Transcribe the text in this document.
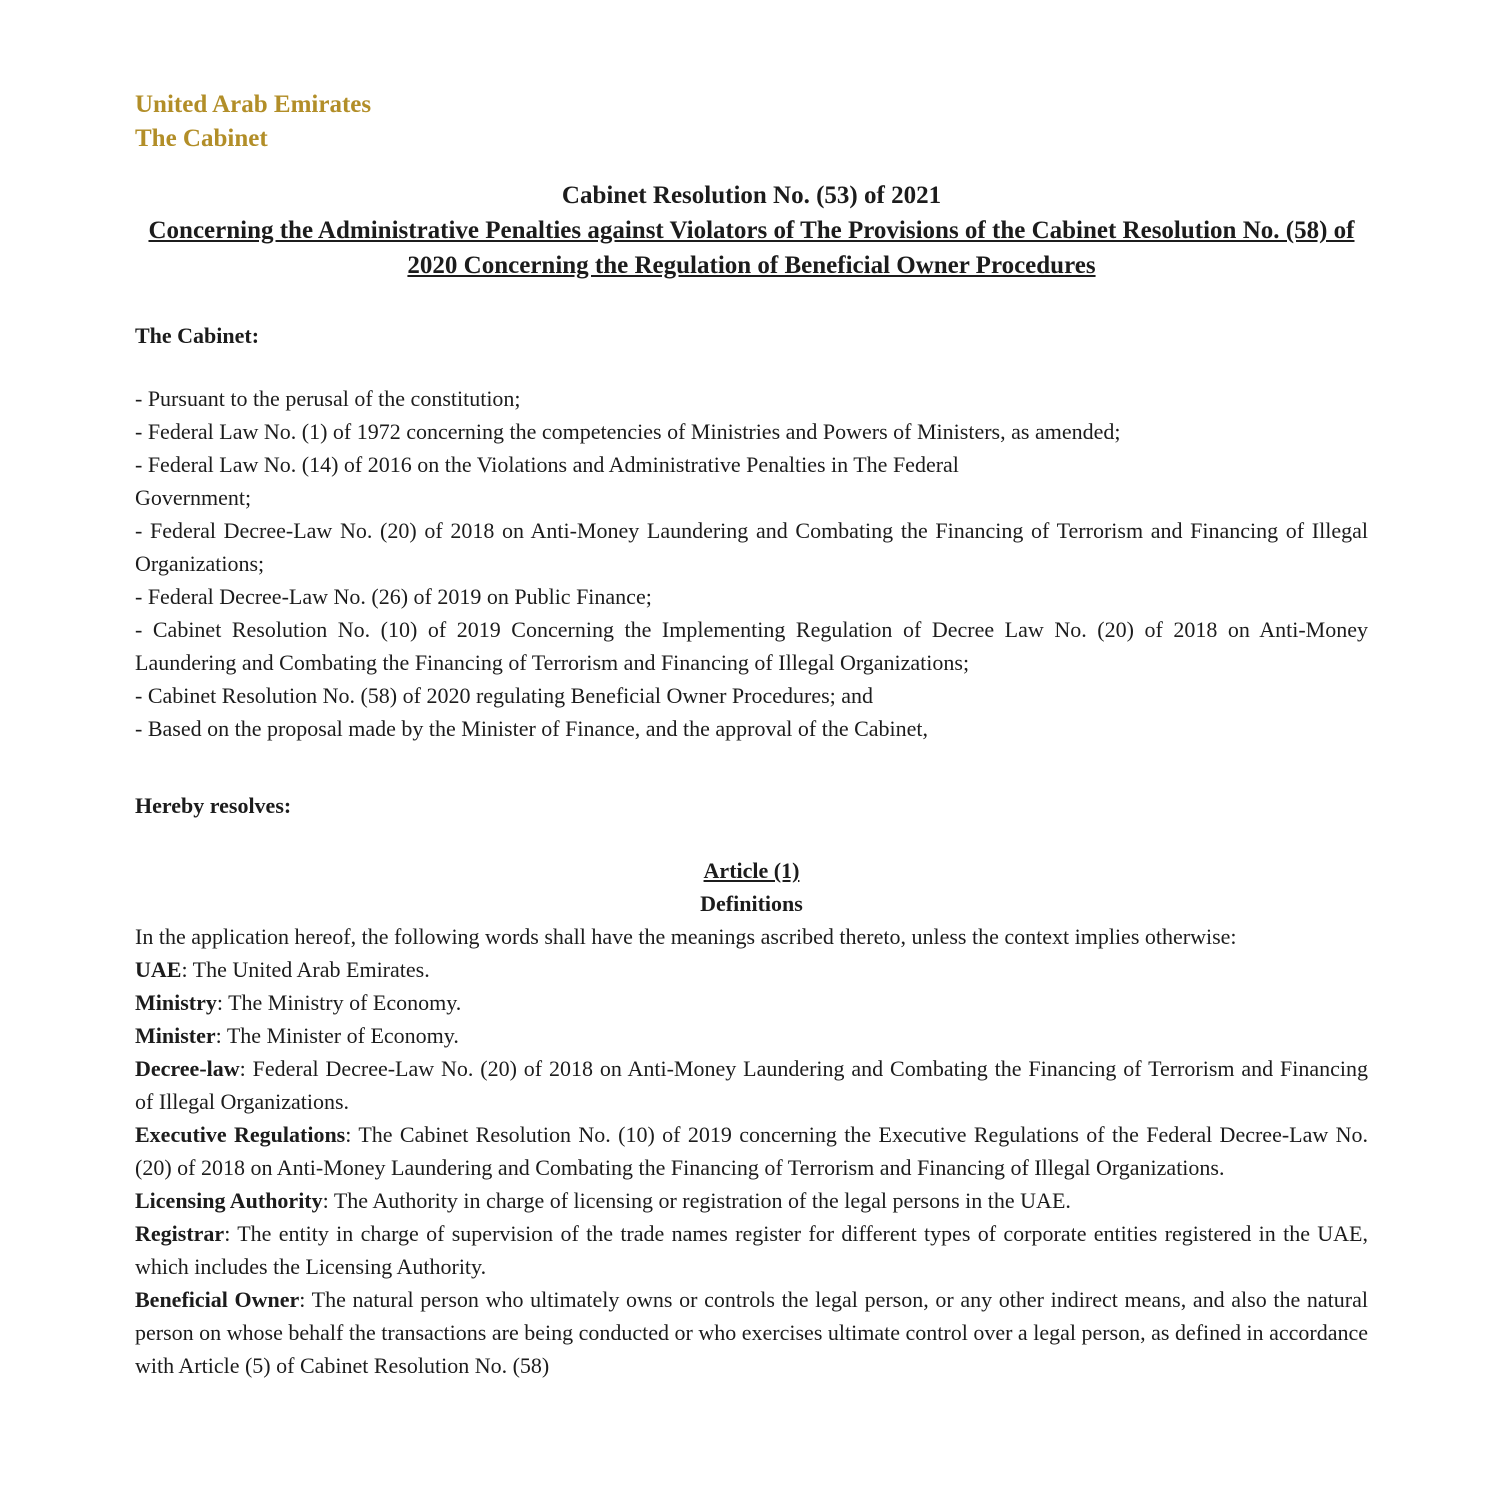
United Arab Emirates
The Cabinet
Cabinet Resolution No. (53) of 2021
Concerning the Administrative Penalties against Violators of The Provisions of the Cabinet Resolution No. (58) of 2020 Concerning the Regulation of Beneficial Owner Procedures
The Cabinet:

- Pursuant to the perusal of the constitution;

- Federal Law No. (1) of 1972 concerning the competencies of Ministries and Powers of Ministers, as amended;

- Federal Law No. (14) of 2016 on the Violations and Administrative Penalties in The Federal
Government;

- Federal Decree-Law No. (20) of 2018 on Anti-Money Laundering and Combating the Financing of Terrorism and Financing of Illegal Organizations;

- Federal Decree-Law No. (26) of 2019 on Public Finance;

- Cabinet Resolution No. (10) of 2019 Concerning the Implementing Regulation of Decree Law No. (20) of 2018 on Anti-Money Laundering and Combating the Financing of Terrorism and Financing of Illegal Organizations;

- Cabinet Resolution No. (58) of 2020 regulating Beneficial Owner Procedures; and

- Based on the proposal made by the Minister of Finance, and the approval of the Cabinet,

Hereby resolves:
Article (1)
Definitions

In the application hereof, the following words shall have the meanings ascribed thereto, unless the context implies otherwise:

UAE: The United Arab Emirates.

Ministry: The Ministry of Economy.

Minister: The Minister of Economy.

Decree-law: Federal Decree-Law No. (20) of 2018 on Anti-Money Laundering and Combating the Financing of Terrorism and Financing of Illegal Organizations.

Executive Regulations: The Cabinet Resolution No. (10) of 2019 concerning the Executive Regulations of the Federal Decree-Law No. (20) of 2018 on Anti-Money Laundering and Combating the Financing of Terrorism and Financing of Illegal Organizations.

Licensing Authority: The Authority in charge of licensing or registration of the legal persons in the UAE.

Registrar: The entity in charge of supervision of the trade names register for different types of corporate entities registered in the UAE, which includes the Licensing Authority.

Beneficial Owner: The natural person who ultimately owns or controls the legal person, or any other indirect means, and also the natural person on whose behalf the transactions are being conducted or who exercises ultimate control over a legal person, as defined in accordance with Article (5) of Cabinet Resolution No. (58)
